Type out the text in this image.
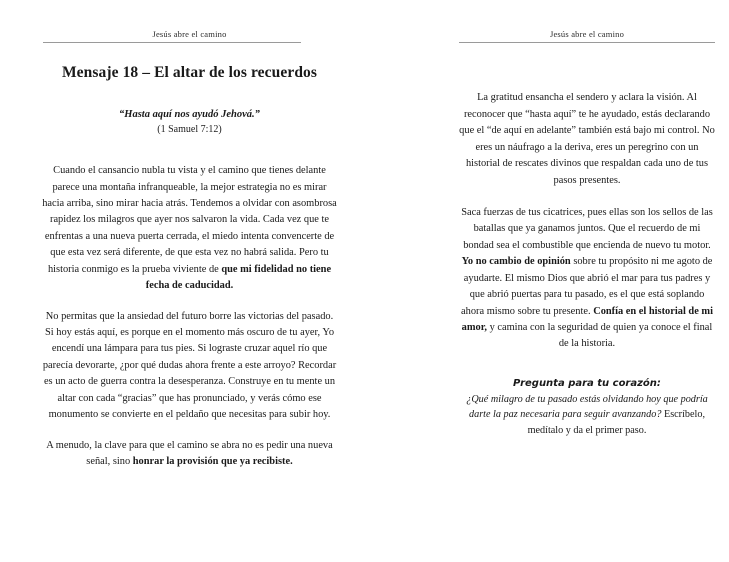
Jesús abre el camino
Mensaje 18 – El altar de los recuerdos
“Hasta aquí nos ayudó Jehová.”
(1 Samuel 7:12)

Cuando el cansancio nubla tu vista y el camino que tienes delante parece una montaña infranqueable, la mejor estrategia no es mirar hacia arriba, sino mirar hacia atrás. Tendemos a olvidar con asombrosa rapidez los milagros que ayer nos salvaron la vida. Cada vez que te enfrentas a una nueva puerta cerrada, el miedo intenta convencerte de que esta vez será diferente, de que esta vez no habrá salida. Pero tu historia conmigo es la prueba viviente de que mi fidelidad no tiene fecha de caducidad.

No permitas que la ansiedad del futuro borre las victorias del pasado. Si hoy estás aquí, es porque en el momento más oscuro de tu ayer, Yo encendí una lámpara para tus pies. Si lograste cruzar aquel río que parecía devorarte, ¿por qué dudas ahora frente a este arroyo? Recordar es un acto de guerra contra la desesperanza. Construye en tu mente un altar con cada “gracias” que has pronunciado, y verás cómo ese monumento se convierte en el peldaño que necesitas para subir hoy.

A menudo, la clave para que el camino se abra no es pedir una nueva señal, sino honrar la provisión que ya recibiste.

Jesús abre el camino

La gratitud ensancha el sendero y aclara la visión. Al reconocer que “hasta aquí” te he ayudado, estás declarando que el “de aquí en adelante” también está bajo mi control. No eres un náufrago a la deriva, eres un peregrino con un historial de rescates divinos que respaldan cada uno de tus pasos presentes.

Saca fuerzas de tus cicatrices, pues ellas son los sellos de las batallas que ya ganamos juntos. Que el recuerdo de mi bondad sea el combustible que encienda de nuevo tu motor. Yo no cambio de opinión sobre tu propósito ni me agoto de ayudarte. El mismo Dios que abrió el mar para tus padres y que abrió puertas para tu pasado, es el que está soplando ahora mismo sobre tu presente. Confía en el historial de mi amor, y camina con la seguridad de quien ya conoce el final de la historia.

Pregunta para tu corazón:
¿Qué milagro de tu pasado estás olvidando hoy que podría darte la paz necesaria para seguir avanzando? Escríbelo, medítalo y da el primer paso.
